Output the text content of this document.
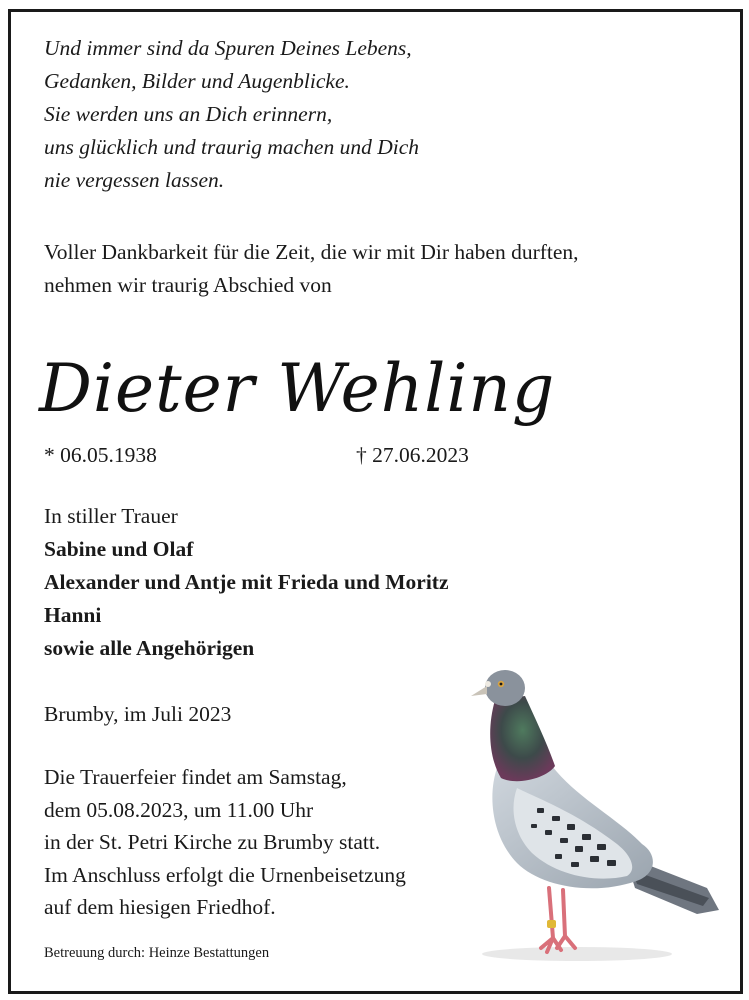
Und immer sind da Spuren Deines Lebens,
Gedanken, Bilder und Augenblicke.
Sie werden uns an Dich erinnern,
uns glücklich und traurig machen und Dich
nie vergessen lassen.
Voller Dankbarkeit für die Zeit, die wir mit Dir haben durften,
nehmen wir traurig Abschied von
Dieter Wehling
* 06.05.1938	† 27.06.2023
In stiller Trauer
Sabine und Olaf
Alexander und Antje mit Frieda und Moritz
Hanni
sowie alle Angehörigen
Brumby, im Juli 2023
Die Trauerfeier findet am Samstag,
dem 05.08.2023, um 11.00 Uhr
in der St. Petri Kirche zu Brumby statt.
Im Anschluss erfolgt die Urnenbeisetzung
auf dem hiesigen Friedhof.
Betreuung durch: Heinze Bestattungen
